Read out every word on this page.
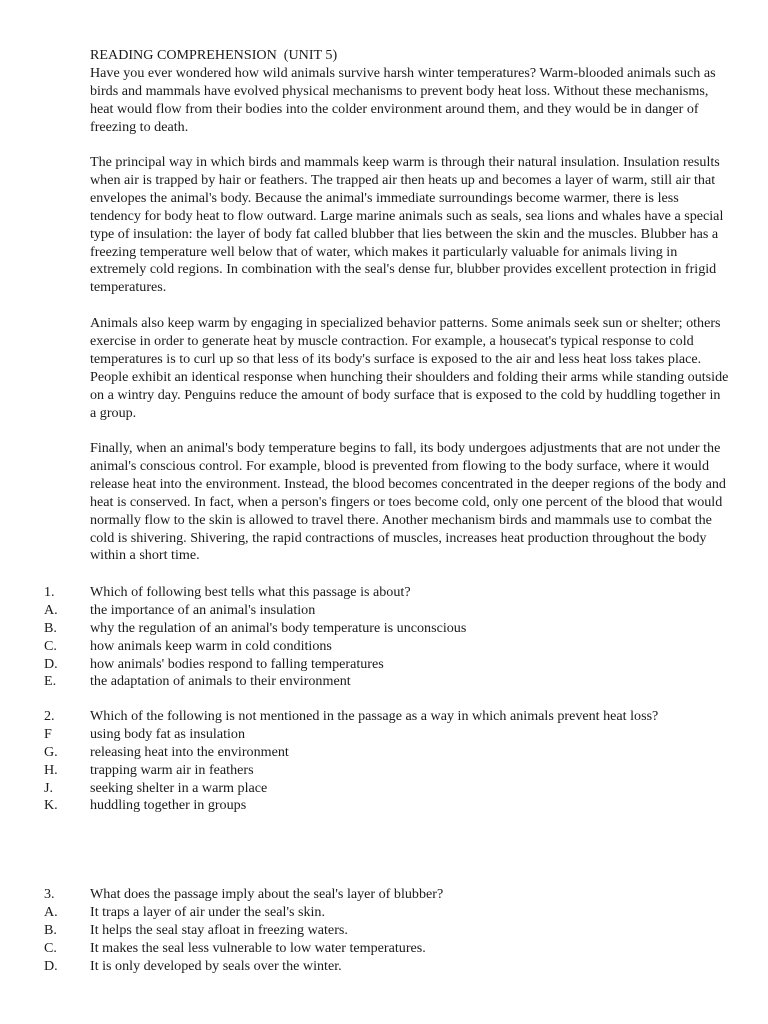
READING COMPREHENSION  (UNIT 5)

Have you ever wondered how wild animals survive harsh winter temperatures? Warm-blooded animals such as birds and mammals have evolved physical mechanisms to prevent body heat loss. Without these mechanisms, heat would flow from their bodies into the colder environment around them, and they would be in danger of freezing to death.

The principal way in which birds and mammals keep warm is through their natural insulation. Insulation results when air is trapped by hair or feathers. The trapped air then heats up and becomes a layer of warm, still air that envelopes the animal's body. Because the animal's immediate surroundings become warmer, there is less tendency for body heat to flow outward. Large marine animals such as seals, sea lions and whales have a special type of insulation: the layer of body fat called blubber that lies between the skin and the muscles. Blubber has a freezing temperature well below that of water, which makes it particularly valuable for animals living in extremely cold regions. In combination with the seal's dense fur, blubber provides excellent protection in frigid temperatures.

Animals also keep warm by engaging in specialized behavior patterns. Some animals seek sun or shelter; others exercise in order to generate heat by muscle contraction. For example, a housecat's typical response to cold temperatures is to curl up so that less of its body's surface is exposed to the air and less heat loss takes place. People exhibit an identical response when hunching their shoulders and folding their arms while standing outside on a wintry day. Penguins reduce the amount of body surface that is exposed to the cold by huddling together in a group.

Finally, when an animal's body temperature begins to fall, its body undergoes adjustments that are not under the animal's conscious control. For example, blood is prevented from flowing to the body surface, where it would release heat into the environment. Instead, the blood becomes concentrated in the deeper regions of the body and heat is conserved. In fact, when a person's fingers or toes become cold, only one percent of the blood that would normally flow to the skin is allowed to travel there. Another mechanism birds and mammals use to combat the cold is shivering. Shivering, the rapid contractions of muscles, increases heat production throughout the body within a short time.

1.	Which of following best tells what this passage is about?
A.	the importance of an animal's insulation
B.	why the regulation of an animal's body temperature is unconscious
C.	how animals keep warm in cold conditions
D.	how animals' bodies respond to falling temperatures
E.	the adaptation of animals to their environment
2.	Which of the following is not mentioned in the passage as a way in which animals prevent heat loss?
F	using body fat as insulation
G.	releasing heat into the environment
H.	trapping warm air in feathers
J.	seeking shelter in a warm place
K.	huddling together in groups
3.	What does the passage imply about the seal's layer of blubber?
A.	It traps a layer of air under the seal's skin.
B.	It helps the seal stay afloat in freezing waters.
C.	It makes the seal less vulnerable to low water temperatures.
D.	It is only developed by seals over the winter.
